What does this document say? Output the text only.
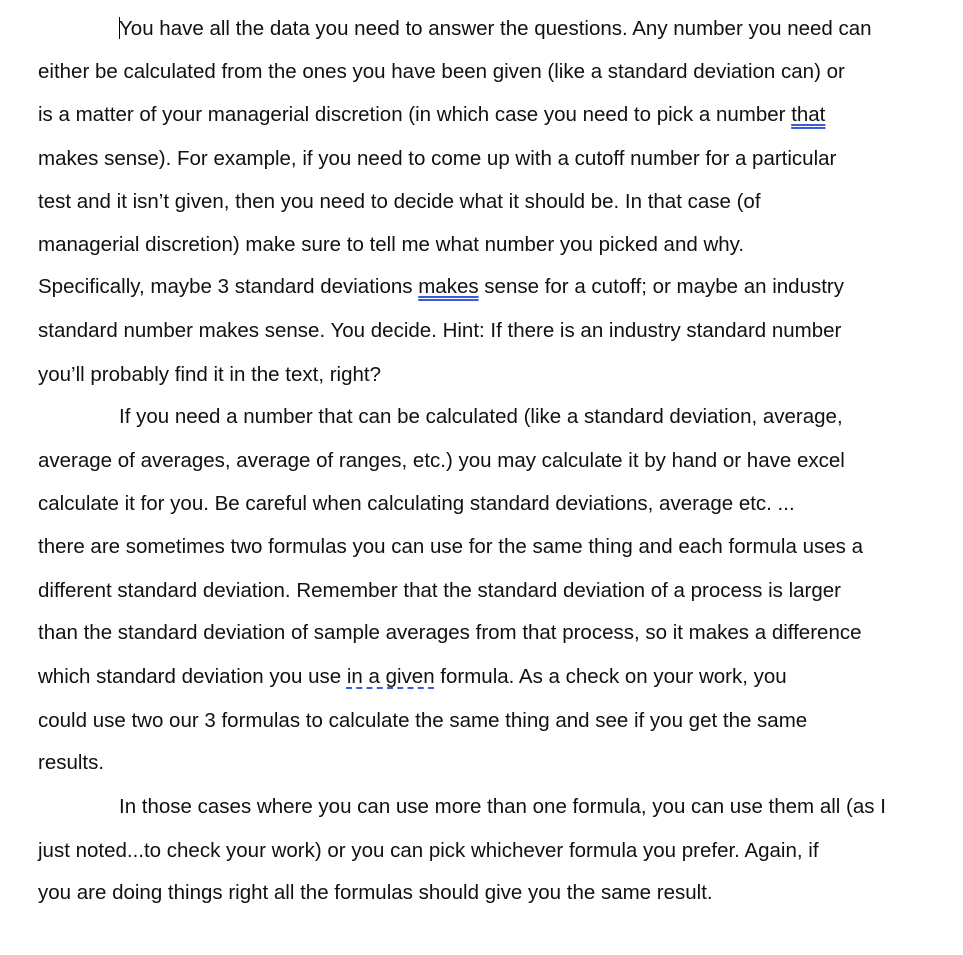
You have all the data you need to answer the questions. Any number you need can
either be calculated from the ones you have been given (like a standard deviation can) or
is a matter of your managerial discretion (in which case you need to pick a number that
makes sense). For example, if you need to come up with a cutoff number for a particular
test and it isn’t given, then you need to decide what it should be. In that case (of
managerial discretion) make sure to tell me what number you picked and why.
Specifically, maybe 3 standard deviations makes sense for a cutoff; or maybe an industry
standard number makes sense. You decide. Hint: If there is an industry standard number
you’ll probably find it in the text, right?
If you need a number that can be calculated (like a standard deviation, average,
average of averages, average of ranges, etc.) you may calculate it by hand or have excel
calculate it for you. Be careful when calculating standard deviations, average etc. ...
there are sometimes two formulas you can use for the same thing and each formula uses a
different standard deviation. Remember that the standard deviation of a process is larger
than the standard deviation of sample averages from that process, so it makes a difference
which standard deviation you use in a given formula. As a check on your work, you
could use two our 3 formulas to calculate the same thing and see if you get the same
results.
In those cases where you can use more than one formula, you can use them all (as I
just noted...to check your work) or you can pick whichever formula you prefer. Again, if
you are doing things right all the formulas should give you the same result.
